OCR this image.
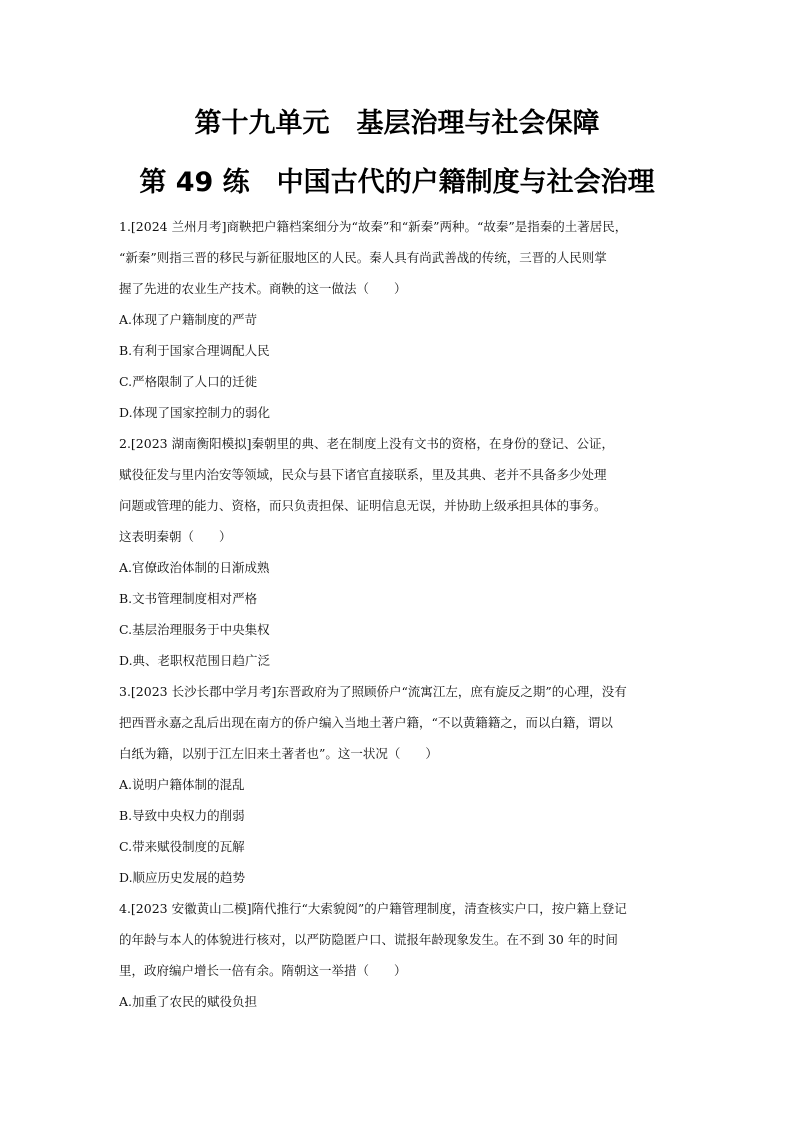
第十九单元　基层治理与社会保障
第 49 练　中国古代的户籍制度与社会治理
1.[2024 兰州月考]商鞅把户籍档案细分为“故秦”和“新秦”两种。“故秦”是指秦的土著居民，
“新秦”则指三晋的移民与新征服地区的人民。秦人具有尚武善战的传统，三晋的人民则掌
握了先进的农业生产技术。商鞅的这一做法（　　）
A.体现了户籍制度的严苛
B.有利于国家合理调配人民
C.严格限制了人口的迁徙
D.体现了国家控制力的弱化
2.[2023 湖南衡阳模拟]秦朝里的典、老在制度上没有文书的资格，在身份的登记、公证，
赋役征发与里内治安等领域，民众与县下诸官直接联系，里及其典、老并不具备多少处理
问题或管理的能力、资格，而只负责担保、证明信息无误，并协助上级承担具体的事务。
这表明秦朝（　　）
A.官僚政治体制的日渐成熟
B.文书管理制度相对严格
C.基层治理服务于中央集权
D.典、老职权范围日趋广泛
3.[2023 长沙长郡中学月考]东晋政府为了照顾侨户“流寓江左，庶有旋反之期”的心理，没有
把西晋永嘉之乱后出现在南方的侨户编入当地土著户籍，“不以黄籍籍之，而以白籍，谓以
白纸为籍，以别于江左旧来土著者也”。这一状况（　　）
A.说明户籍体制的混乱
B.导致中央权力的削弱
C.带来赋役制度的瓦解
D.顺应历史发展的趋势
4.[2023 安徽黄山二模]隋代推行“大索貌阅”的户籍管理制度，清查核实户口，按户籍上登记
的年龄与本人的体貌进行核对，以严防隐匿户口、谎报年龄现象发生。在不到 30 年的时间
里，政府编户增长一倍有余。隋朝这一举措（　　）
A.加重了农民的赋役负担
